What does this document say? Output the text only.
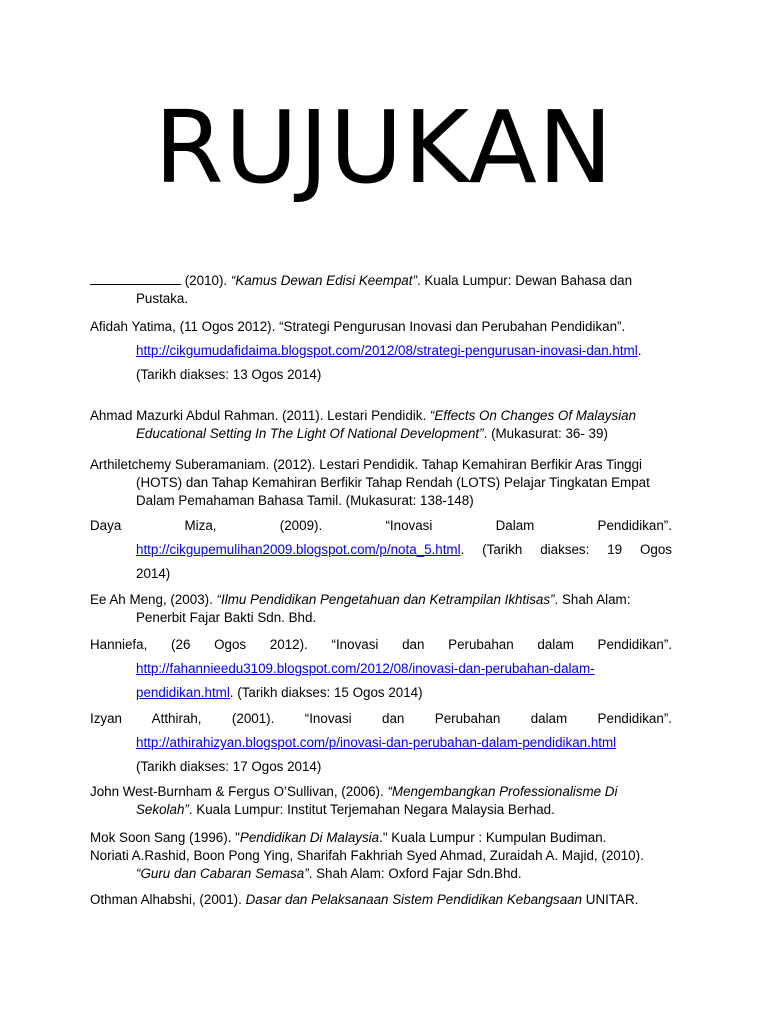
RUJUKAN
(2010). “Kamus Dewan Edisi Keempat”. Kuala Lumpur: Dewan Bahasa dan
Pustaka.
Afidah Yatima, (11 Ogos 2012). “Strategi Pengurusan Inovasi dan Perubahan Pendidikan”.
http://cikgumudafidaima.blogspot.com/2012/08/strategi-pengurusan-inovasi-dan.html.
(Tarikh diakses: 13 Ogos 2014)
Ahmad Mazurki Abdul Rahman. (2011). Lestari Pendidik. “Effects On Changes Of Malaysian
Educational Setting In The Light Of National Development”. (Mukasurat: 36- 39)
Arthiletchemy Suberamaniam. (2012). Lestari Pendidik. Tahap Kemahiran Berfikir Aras Tinggi
(HOTS) dan Tahap Kemahiran Berfikir Tahap Rendah (LOTS) Pelajar Tingkatan Empat
Dalam Pemahaman Bahasa Tamil. (Mukasurat: 138-148)
Daya Miza, (2009). “Inovasi Dalam Pendidikan”.
http://cikgupemulihan2009.blogspot.com/p/nota_5.html. (Tarikh diakses: 19 Ogos
2014)
Ee Ah Meng, (2003). “Ilmu Pendidikan Pengetahuan dan Ketrampilan Ikhtisas”. Shah Alam:
Penerbit Fajar Bakti Sdn. Bhd.
Hanniefa, (26 Ogos 2012). “Inovasi dan Perubahan dalam Pendidikan”.
http://fahannieedu3109.blogspot.com/2012/08/inovasi-dan-perubahan-dalam-
pendidikan.html. (Tarikh diakses: 15 Ogos 2014)
Izyan Atthirah, (2001). “Inovasi dan Perubahan dalam Pendidikan”.
http://athirahizyan.blogspot.com/p/inovasi-dan-perubahan-dalam-pendidikan.html
(Tarikh diakses: 17 Ogos 2014)
John West-Burnham & Fergus O’Sullivan, (2006). “Mengembangkan Professionalisme Di
Sekolah”. Kuala Lumpur: Institut Terjemahan Negara Malaysia Berhad.
Mok Soon Sang (1996). "Pendidikan Di Malaysia." Kuala Lumpur : Kumpulan Budiman.
Noriati A.Rashid, Boon Pong Ying, Sharifah Fakhriah Syed Ahmad, Zuraidah A. Majid, (2010).
“Guru dan Cabaran Semasa”. Shah Alam: Oxford Fajar Sdn.Bhd.
Othman Alhabshi, (2001). Dasar dan Pelaksanaan Sistem Pendidikan Kebangsaan UNITAR.
